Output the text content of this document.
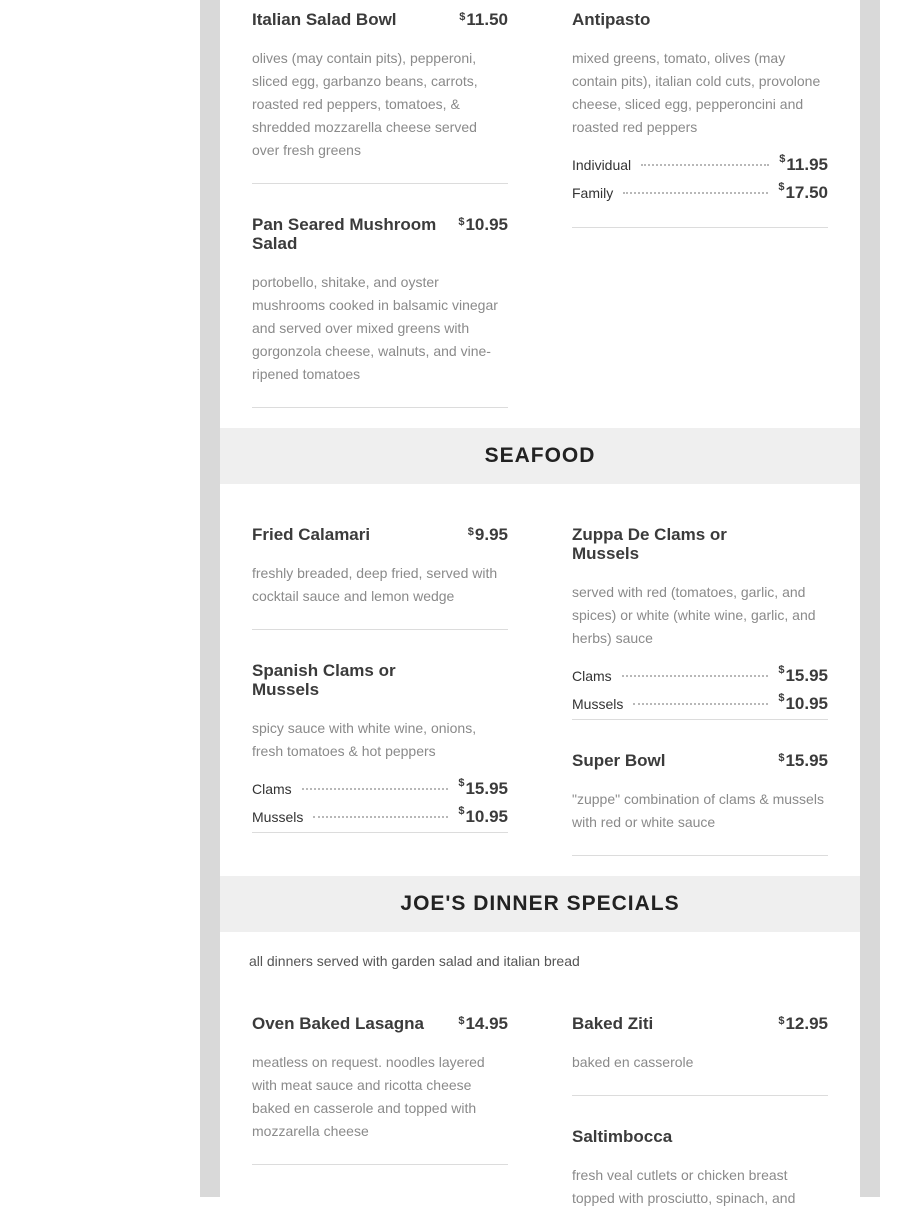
Italian Salad Bowl	$11.50
olives (may contain pits), pepperoni, sliced egg, garbanzo beans, carrots, roasted red peppers, tomatoes, & shredded mozzarella cheese served over fresh greens
Antipasto
mixed greens, tomato, olives (may contain pits), italian cold cuts, provolone cheese, sliced egg, pepperoncini and roasted red peppers
Individual	$11.95
Family	$17.50
Pan Seared Mushroom Salad
$10.95
portobello, shitake, and oyster mushrooms cooked in balsamic vinegar and served over mixed greens with gorgonzola cheese, walnuts, and vine-ripened tomatoes
SEAFOOD
Fried Calamari	$9.95
freshly breaded, deep fried, served with cocktail sauce and lemon wedge
Zuppa De Clams or Mussels
served with red (tomatoes, garlic, and spices) or white (white wine, garlic, and herbs) sauce
Clams	$15.95
Mussels	$10.95
Spanish Clams or Mussels
spicy sauce with white wine, onions, fresh tomatoes & hot peppers
Clams	$15.95
Mussels	$10.95
Super Bowl	$15.95
"zuppe" combination of clams & mussels with red or white sauce
JOE'S DINNER SPECIALS
all dinners served with garden salad and italian bread
Oven Baked Lasagna	$14.95
meatless on request. noodles layered with meat sauce and ricotta cheese baked en casserole and topped with mozzarella cheese
Baked Ziti	$12.95
baked en casserole
Saltimbocca
fresh veal cutlets or chicken breast topped with prosciutto, spinach, and
